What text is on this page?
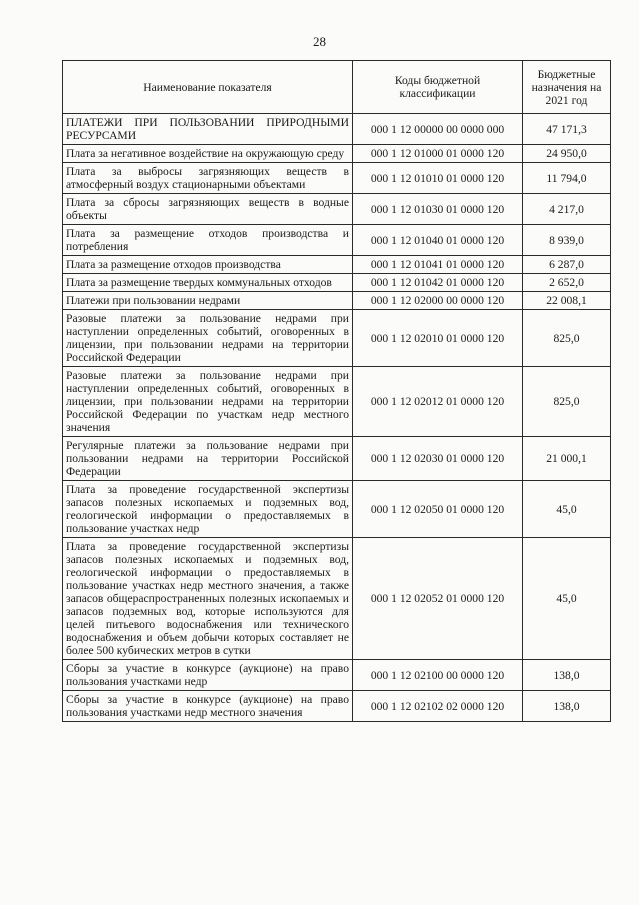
28
Наименование показателя	Коды бюджетной классификации	Бюджетные назначения на 2021 год
ПЛАТЕЖИ ПРИ ПОЛЬЗОВАНИИ ПРИРОДНЫМИ РЕСУРСАМИ	000 1 12 00000 00 0000 000	47 171,3
Плата за негативное воздействие на окружающую среду	000 1 12 01000 01 0000 120	24 950,0
Плата за выбросы загрязняющих веществ в атмосферный воздух стационарными объектами	000 1 12 01010 01 0000 120	11 794,0
Плата за сбросы загрязняющих веществ в водные объекты	000 1 12 01030 01 0000 120	4 217,0
Плата за размещение отходов производства и потребления	000 1 12 01040 01 0000 120	8 939,0
Плата за размещение отходов производства	000 1 12 01041 01 0000 120	6 287,0
Плата за размещение твердых коммунальных отходов	000 1 12 01042 01 0000 120	2 652,0
Платежи при пользовании недрами	000 1 12 02000 00 0000 120	22 008,1
Разовые платежи за пользование недрами при наступлении определенных событий, оговоренных в лицензии, при пользовании недрами на территории Российской Федерации	000 1 12 02010 01 0000 120	825,0
Разовые платежи за пользование недрами при наступлении определенных событий, оговоренных в лицензии, при пользовании недрами на территории Российской Федерации по участкам недр местного значения	000 1 12 02012 01 0000 120	825,0
Регулярные платежи за пользование недрами при пользовании недрами на территории Российской Федерации	000 1 12 02030 01 0000 120	21 000,1
Плата за проведение государственной экспертизы запасов полезных ископаемых и подземных вод, геологической информации о предоставляемых в пользование участках недр	000 1 12 02050 01 0000 120	45,0
Плата за проведение государственной экспертизы запасов полезных ископаемых и подземных вод, геологической информации о предоставляемых в пользование участках недр местного значения, а также запасов общераспространенных полезных ископаемых и запасов подземных вод, которые используются для целей питьевого водоснабжения или технического водоснабжения и объем добычи которых составляет не более 500 кубических метров в сутки	000 1 12 02052 01 0000 120	45,0
Сборы за участие в конкурсе (аукционе) на право пользования участками недр	000 1 12 02100 00 0000 120	138,0
Сборы за участие в конкурсе (аукционе) на право пользования участками недр местного значения	000 1 12 02102 02 0000 120	138,0
